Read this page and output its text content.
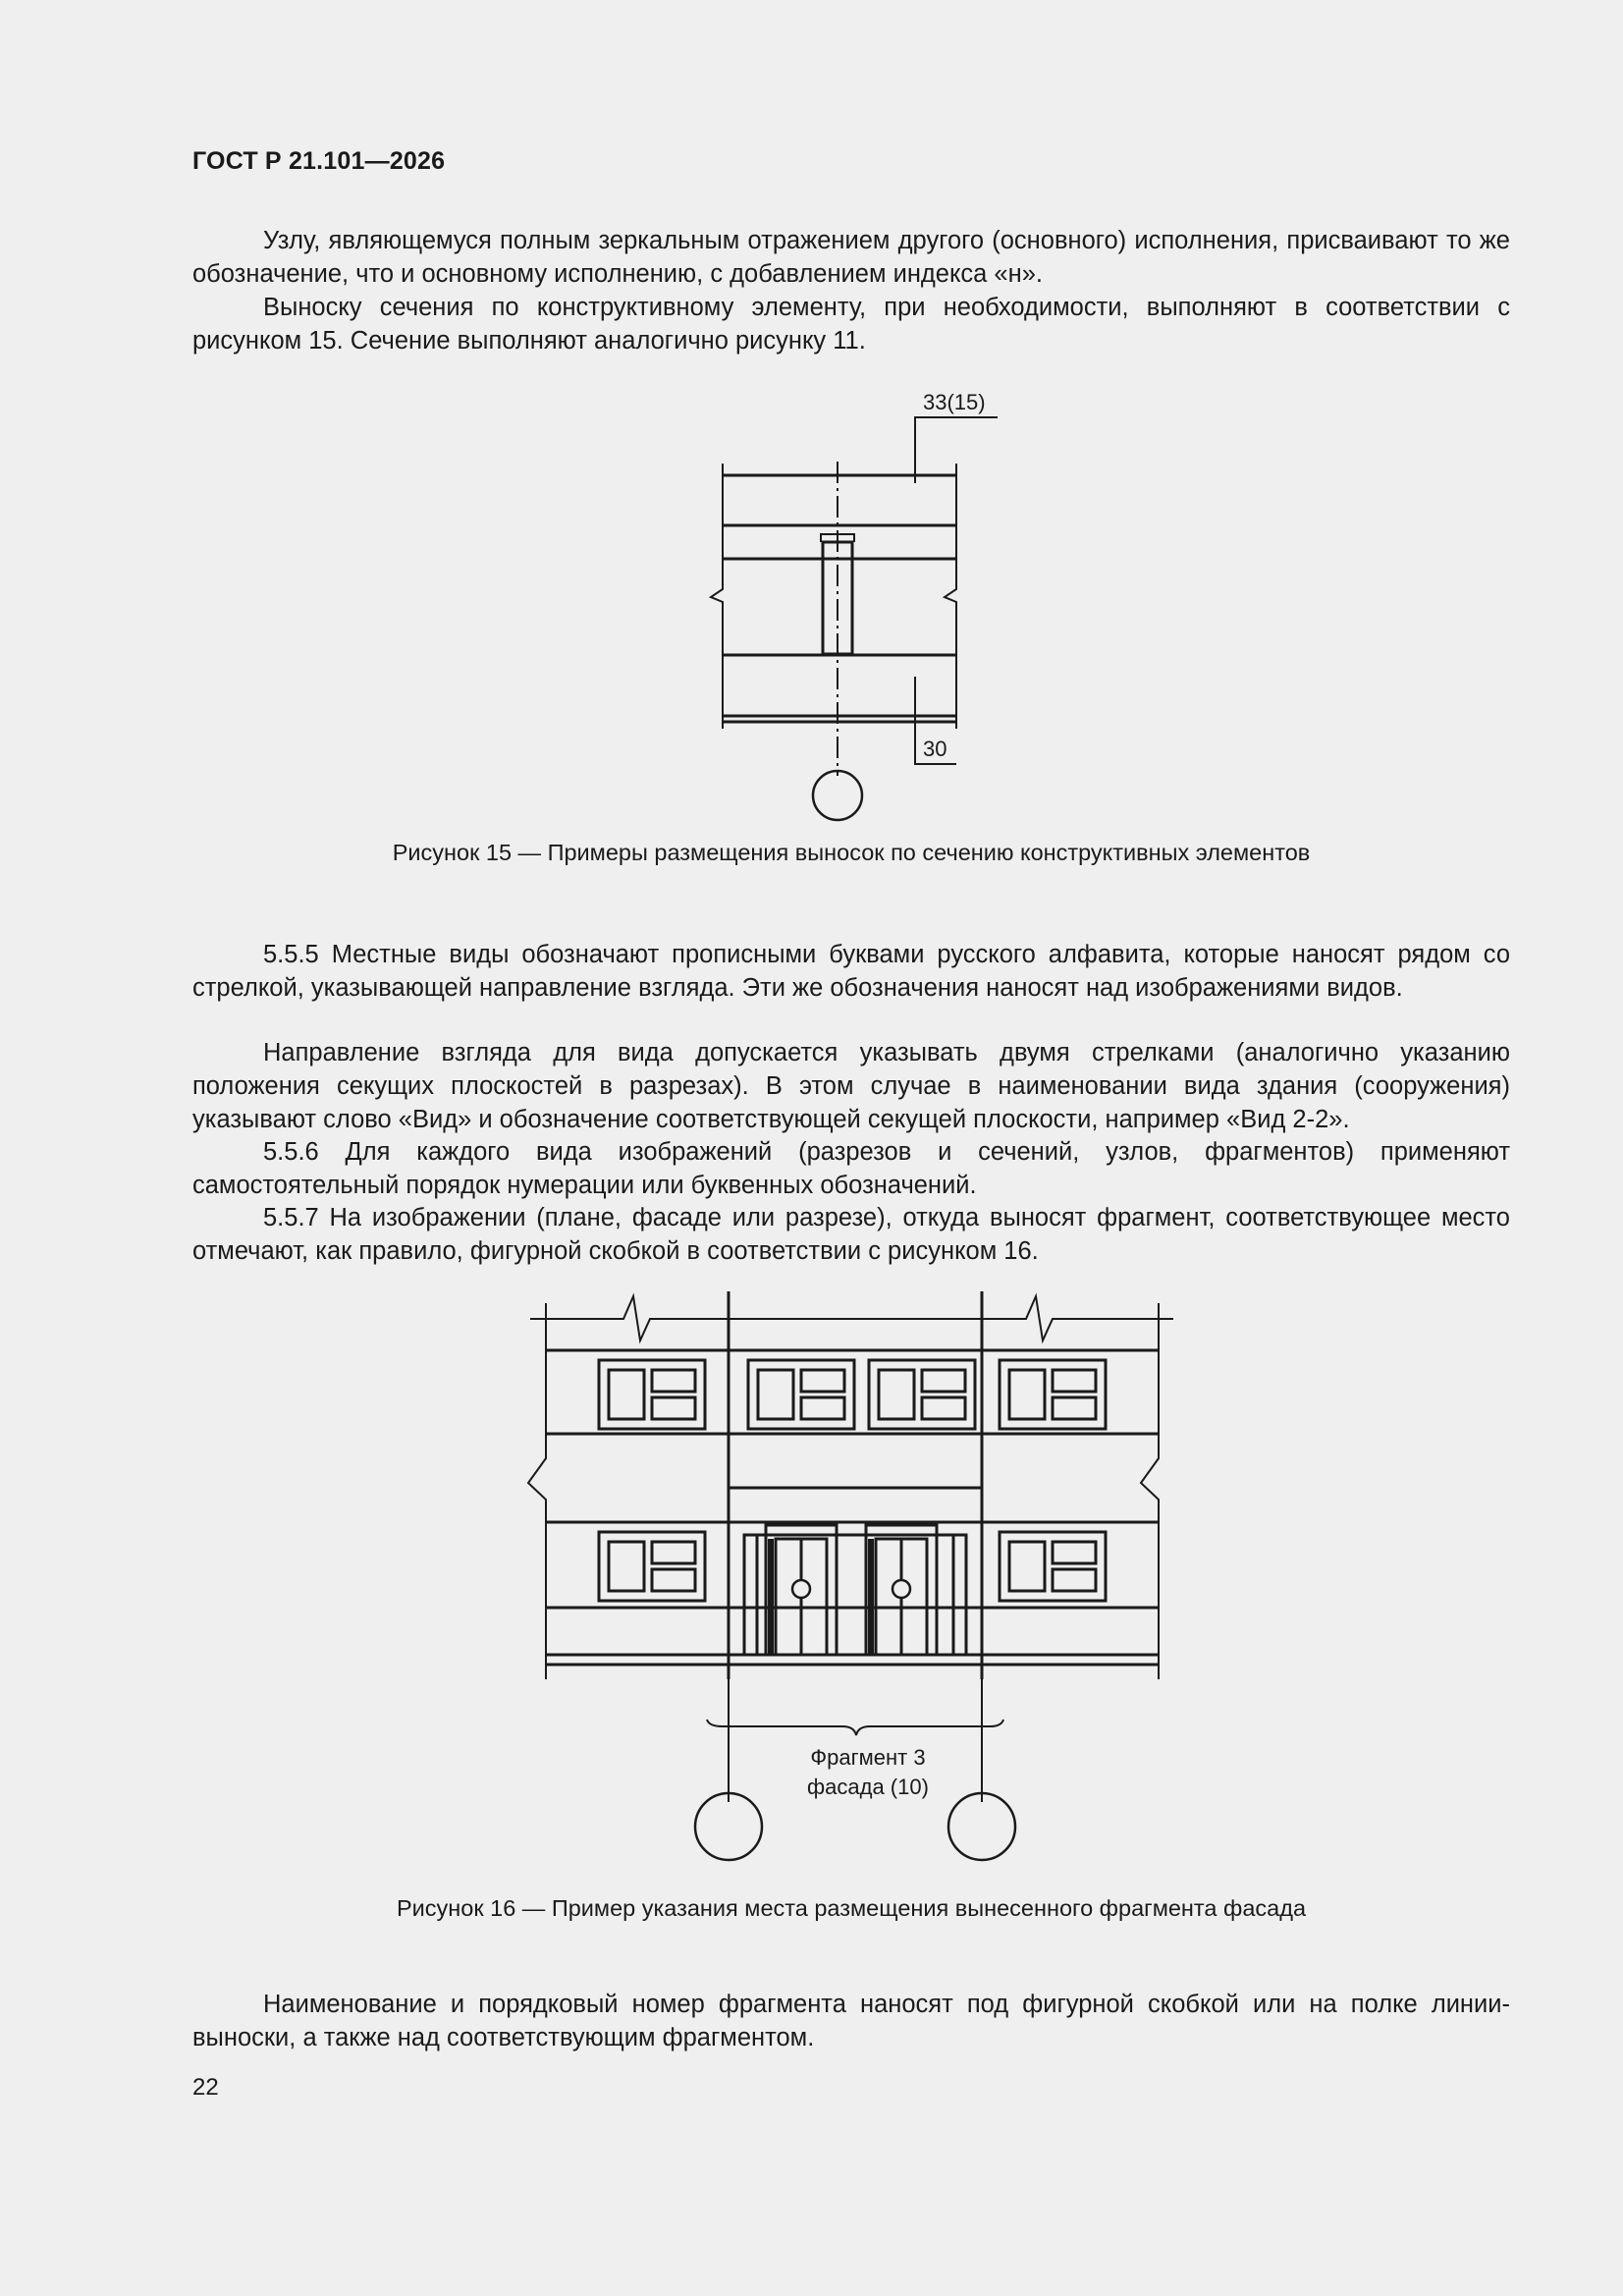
ГОСТ Р 21.101—2026

Узлу, являющемуся полным зеркальным отражением другого (основного) исполнения, присваивают то же обозначение, что и основному исполнению, с добавлением индекса «н».

Выноску сечения по конструктивному элементу, при необходимости, выполняют в соответствии с рисунком 15. Сечение выполняют аналогично рисунку 11.

33(15)
30
Рисунок 15 — Примеры размещения выносок по сечению конструктивных элементов

5.5.5 Местные виды обозначают прописными буквами русского алфавита, которые наносят рядом со стрелкой, указывающей направление взгляда. Эти же обозначения наносят над изображениями видов.

Направление взгляда для вида допускается указывать двумя стрелками (аналогично указанию положения секущих плоскостей в разрезах). В этом случае в наименовании вида здания (сооружения) указывают слово «Вид» и обозначение соответствующей секущей плоскости, например «Вид 2-2».

5.5.6 Для каждого вида изображений (разрезов и сечений, узлов, фрагментов) применяют самостоятельный порядок нумерации или буквенных обозначений.

5.5.7 На изображении (плане, фасаде или разрезе), откуда выносят фрагмент, соответствующее место отмечают, как правило, фигурной скобкой в соответствии с рисунком 16.

Фрагмент 3
фасада (10)
Рисунок 16 — Пример указания места размещения вынесенного фрагмента фасада

Наименование и порядковый номер фрагмента наносят под фигурной скобкой или на полке линии-выноски, а также над соответствующим фрагментом.

22
